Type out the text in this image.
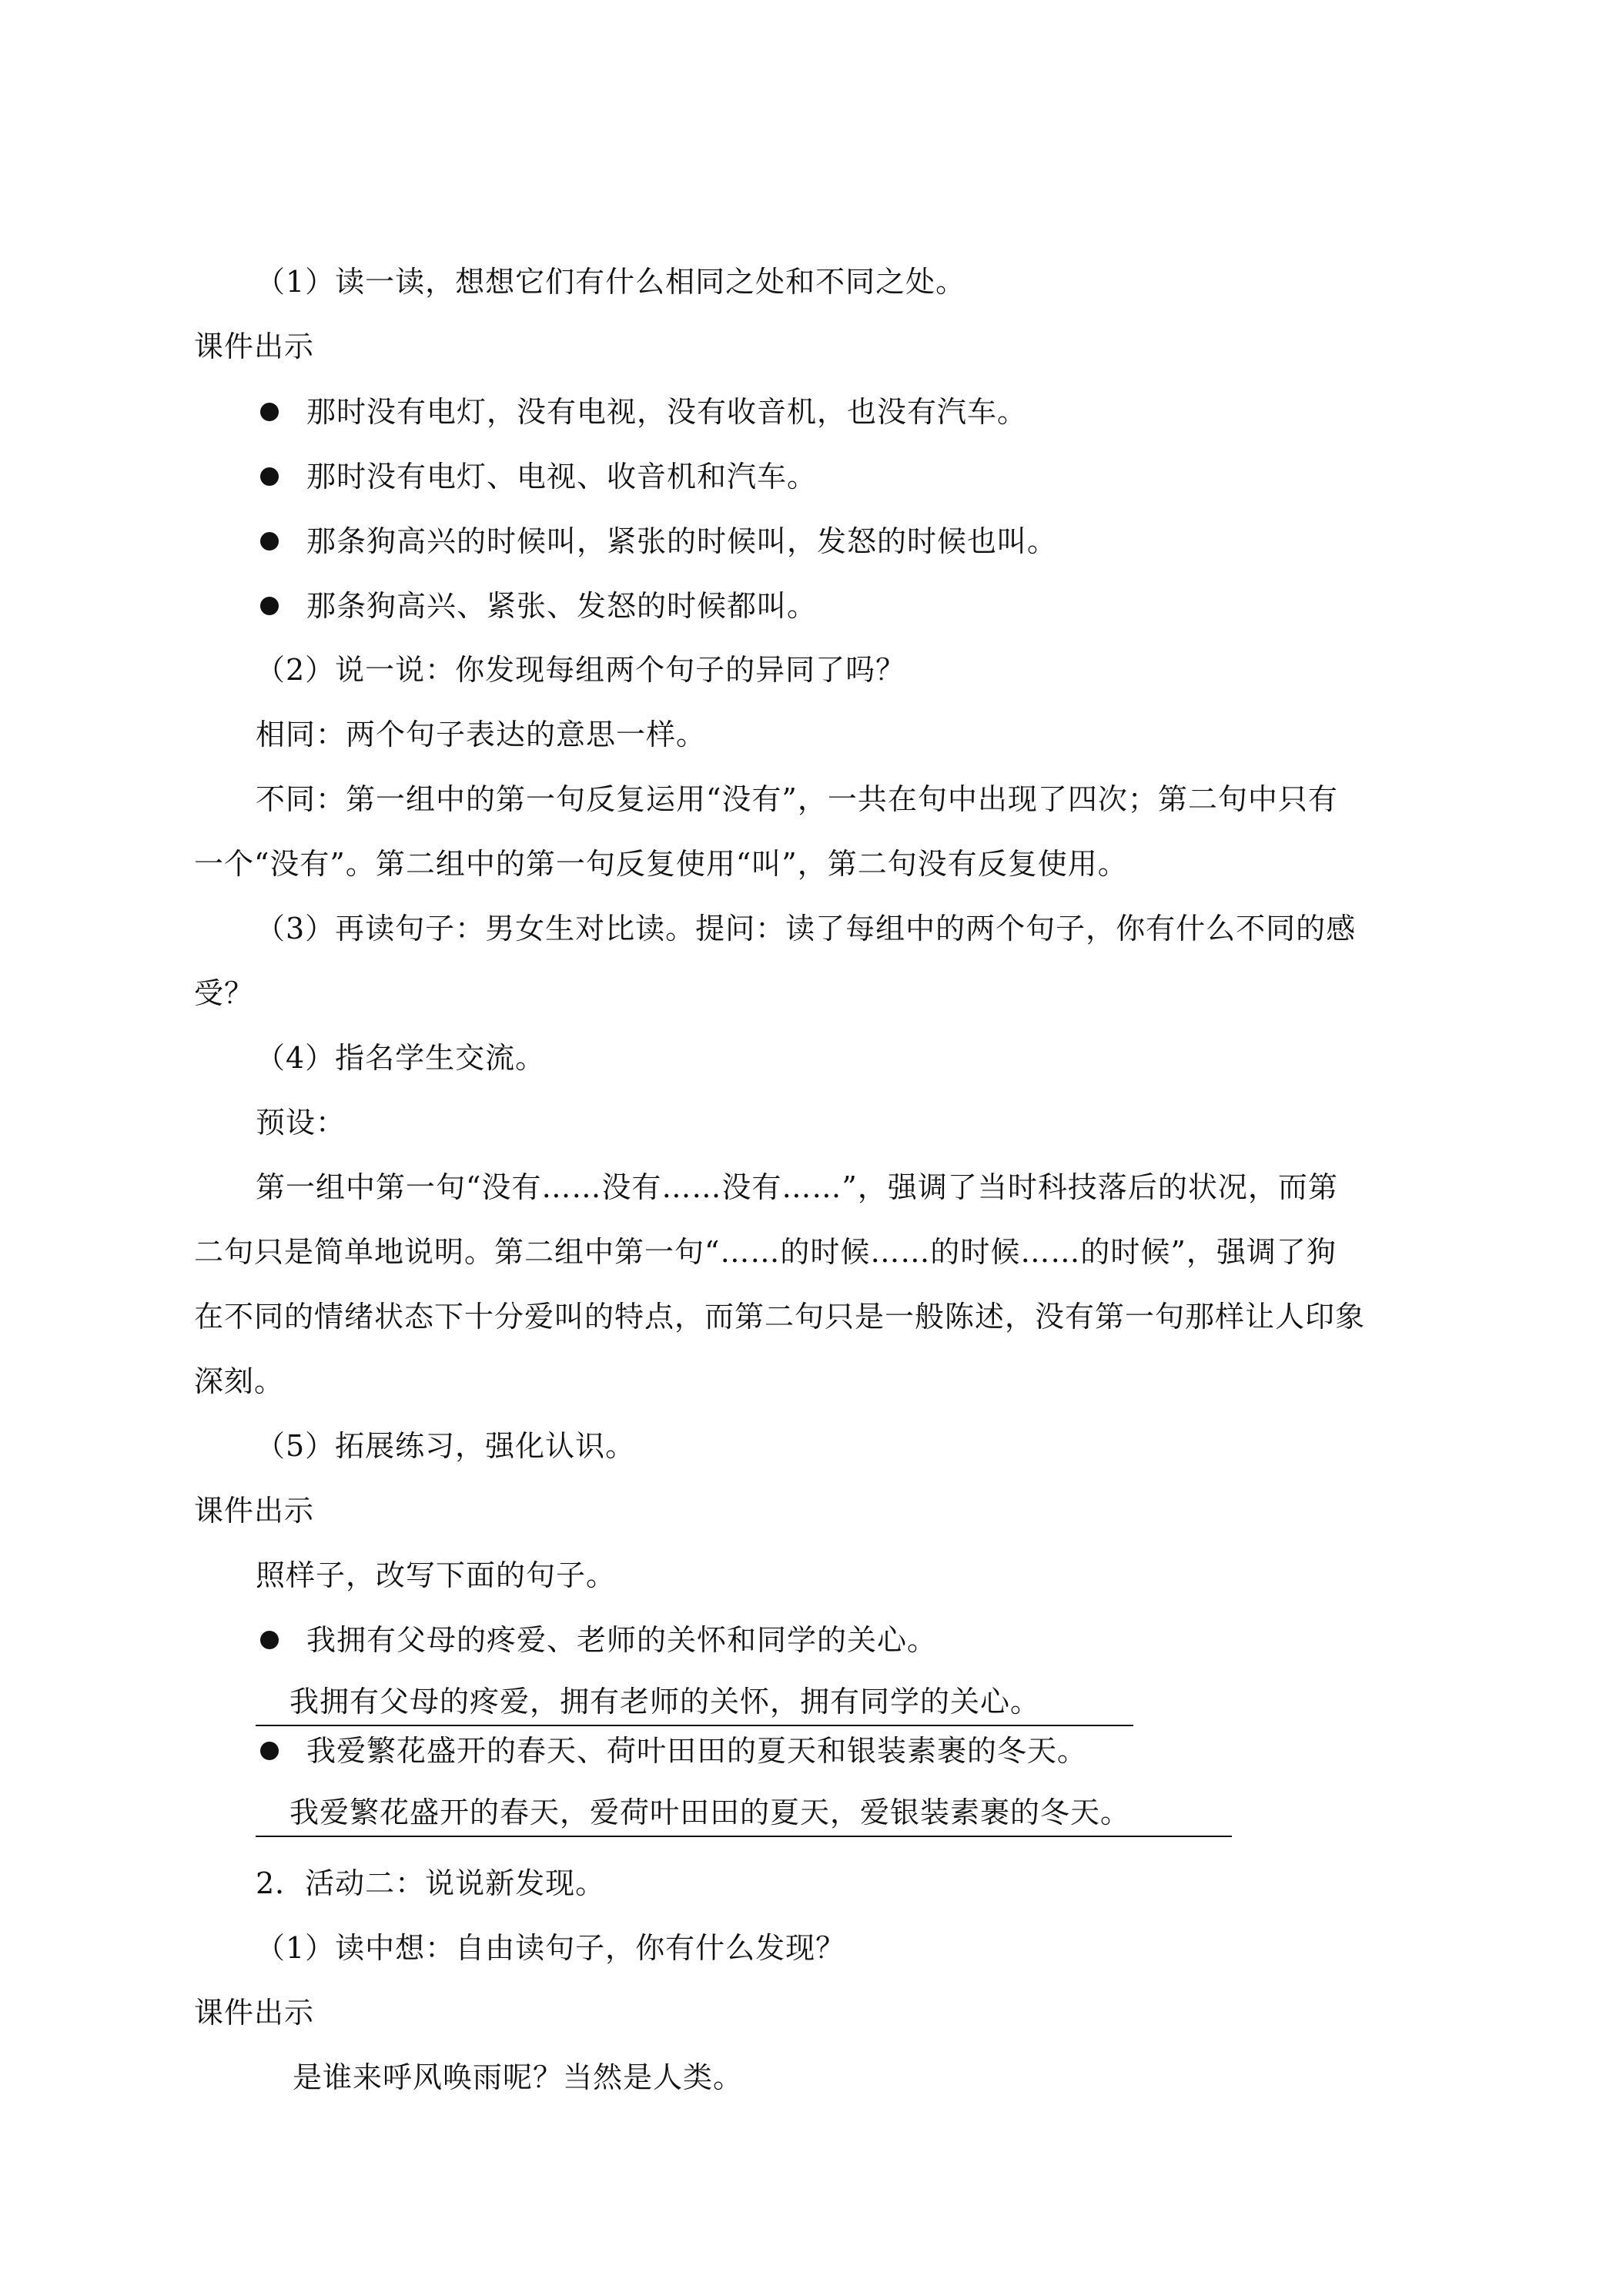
（1）读一读，想想它们有什么相同之处和不同之处。
课件出示
那时没有电灯，没有电视，没有收音机，也没有汽车。
那时没有电灯、电视、收音机和汽车。
那条狗高兴的时候叫，紧张的时候叫，发怒的时候也叫。
那条狗高兴、紧张、发怒的时候都叫。
（2）说一说：你发现每组两个句子的异同了吗？
相同：两个句子表达的意思一样。
不同：第一组中的第一句反复运用“没有”，一共在句中出现了四次；第二句中只有
一个“没有”。第二组中的第一句反复使用“叫”，第二句没有反复使用。
（3）再读句子：男女生对比读。提问：读了每组中的两个句子，你有什么不同的感
受？
（4）指名学生交流。
预设：
第一组中第一句“没有……没有……没有……”，强调了当时科技落后的状况，而第
二句只是简单地说明。第二组中第一句“……的时候……的时候……的时候”，强调了狗
在不同的情绪状态下十分爱叫的特点，而第二句只是一般陈述，没有第一句那样让人印象
深刻。
（5）拓展练习，强化认识。
课件出示
照样子，改写下面的句子。
我拥有父母的疼爱、老师的关怀和同学的关心。
我拥有父母的疼爱，拥有老师的关怀，拥有同学的关心。
我爱繁花盛开的春天、荷叶田田的夏天和银装素裹的冬天。
我爱繁花盛开的春天，爱荷叶田田的夏天，爱银装素裹的冬天。
2．活动二：说说新发现。
（1）读中想：自由读句子，你有什么发现？
课件出示
是谁来呼风唤雨呢？当然是人类。
